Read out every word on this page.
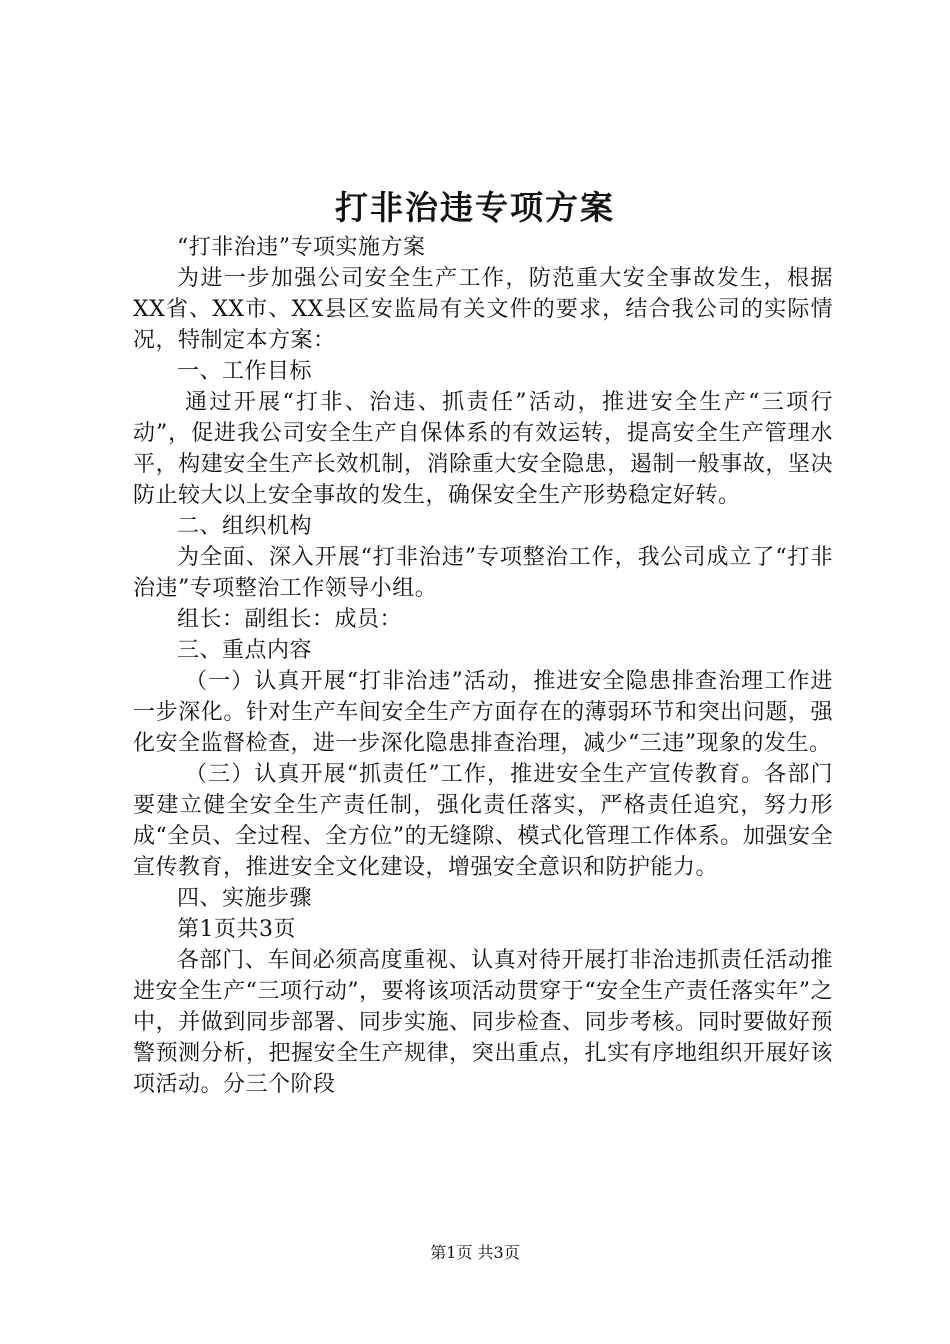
打非治违专项方案

“打非治违”专项实施方案

为进一步加强公司安全生产工作，防范重大安全事故发生，根据XX省、XX市、XX县区安监局有关文件的要求，结合我公司的实际情况，特制定本方案：

一、工作目标

通过开展“打非、治违、抓责任”活动，推进安全生产“三项行动”，促进我公司安全生产自保体系的有效运转，提高安全生产管理水平，构建安全生产长效机制，消除重大安全隐患，遏制一般事故，坚决防止较大以上安全事故的发生，确保安全生产形势稳定好转。

二、组织机构

为全面、深入开展“打非治违”专项整治工作，我公司成立了“打非治违”专项整治工作领导小组。

组长：副组长：成员：

三、重点内容

（一）认真开展“打非治违”活动，推进安全隐患排查治理工作进一步深化。针对生产车间安全生产方面存在的薄弱环节和突出问题，强化安全监督检查，进一步深化隐患排查治理，减少“三违”现象的发生。

（三）认真开展“抓责任”工作，推进安全生产宣传教育。各部门要建立健全安全生产责任制，强化责任落实，严格责任追究，努力形成“全员、全过程、全方位”的无缝隙、模式化管理工作体系。加强安全宣传教育，推进安全文化建设，增强安全意识和防护能力。

四、实施步骤

第1页共3页

各部门、车间必须高度重视、认真对待开展打非治违抓责任活动推进安全生产“三项行动”，要将该项活动贯穿于“安全生产责任落实年”之中，并做到同步部署、同步实施、同步检查、同步考核。同时要做好预警预测分析，把握安全生产规律，突出重点，扎实有序地组织开展好该项活动。分三个阶段

第1页 共3页
